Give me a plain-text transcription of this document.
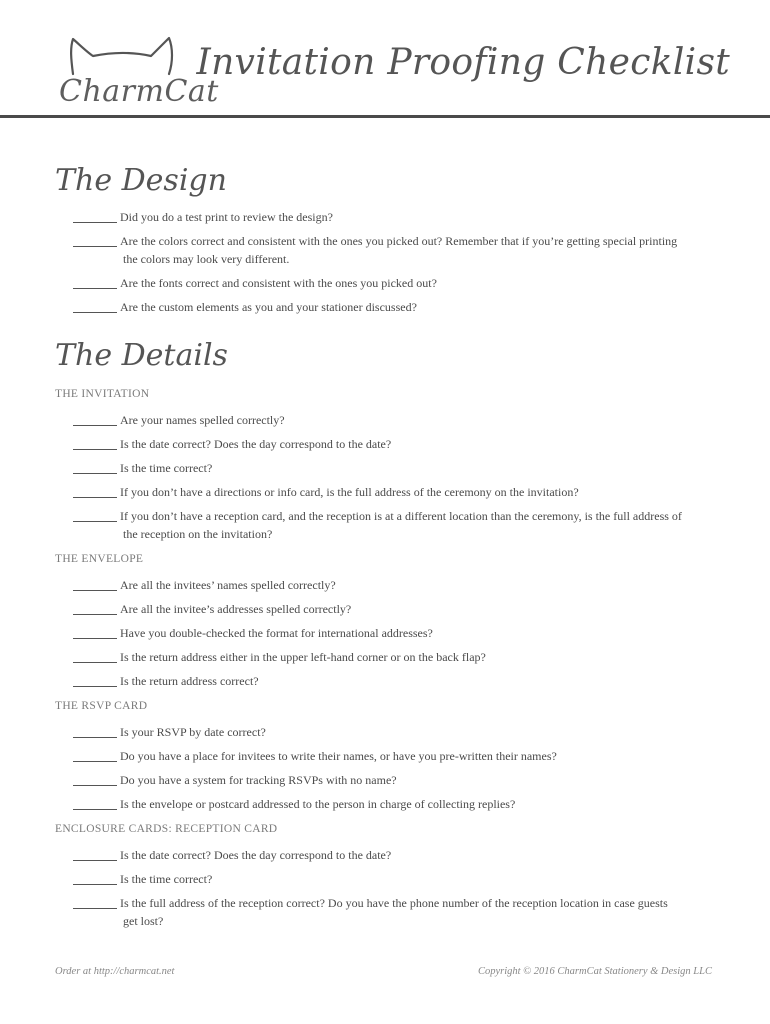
CharmCat
Invitation Proofing Checklist
The Design
Did you do a test print to review the design?
Are the colors correct and consistent with the ones you picked out? Remember that if you’re getting special printing
the colors may look very different.
Are the fonts correct and consistent with the ones you picked out?
Are the custom elements as you and your stationer discussed?
The Details
THE INVITATION
Are your names spelled correctly?
Is the date correct? Does the day correspond to the date?
Is the time correct?
If you don’t have a directions or info card, is the full address of the ceremony on the invitation?
If you don’t have a reception card, and the reception is at a different location than the ceremony, is the full address of
the reception on the invitation?
THE ENVELOPE
Are all the invitees’ names spelled correctly?
Are all the invitee’s addresses spelled correctly?
Have you double-checked the format for international addresses?
Is the return address either in the upper left-hand corner or on the back flap?
Is the return address correct?
THE RSVP CARD
Is your RSVP by date correct?
Do you have a place for invitees to write their names, or have you pre-written their names?
Do you have a system for tracking RSVPs with no name?
Is the envelope or postcard addressed to the person in charge of collecting replies?
ENCLOSURE CARDS: RECEPTION CARD
Is the date correct? Does the day correspond to the date?
Is the time correct?
Is the full address of the reception correct? Do you have the phone number of the reception location in case guests
get lost?
Order at http://charmcat.net	Copyright © 2016 CharmCat Stationery & Design LLC
